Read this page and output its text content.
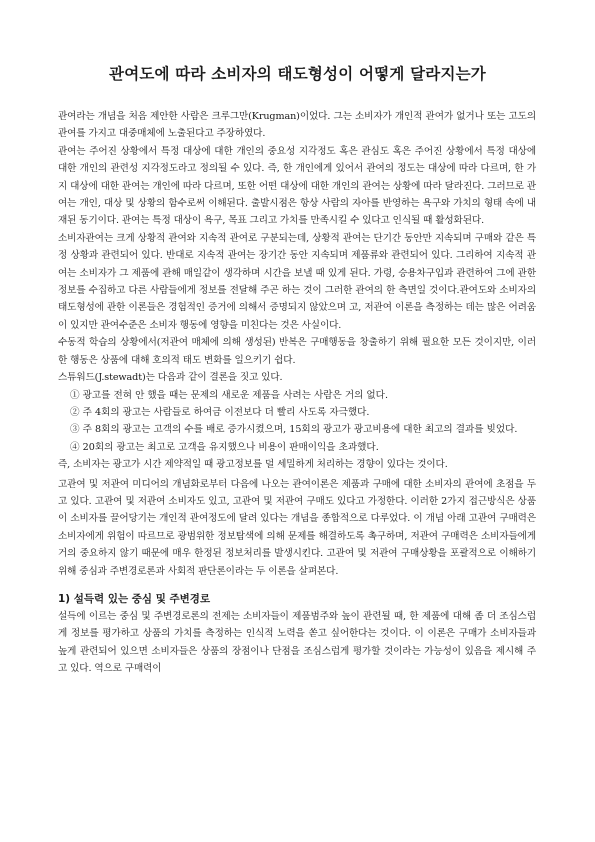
관여도에 따라 소비자의 태도형성이 어떻게 달라지는가

관여라는 개념을 처음 제안한 사람은 크루그만(Krugman)이었다. 그는 소비자가 개인적 관여가 없거나 또는 고도의 관여를 가지고 대중매체에 노출된다고 주장하였다.

관여는 주어진 상황에서 특정 대상에 대한 개인의 중요성 지각정도 혹은 관심도 혹은 주어진 상황에서 특정 대상에 대한 개인의 관련성 지각정도라고 정의될 수 있다. 즉, 한 개인에게 있어서 관여의 정도는 대상에 따라 다르며, 한 가지 대상에 대한 관여는 개인에 따라 다르며, 또한 어떤 대상에 대한 개인의 관여는 상황에 따라 달라진다. 그러므로 관여는 개인, 대상 및 상황의 함수로써 이해된다. 출발시점은 항상 사람의 자아를 반영하는 욕구와 가치의 형태 속에 내재된 동기이다. 관여는 특정 대상이 욕구, 목표 그리고 가치를 만족시킬 수 있다고 인식될 때 활성화된다.

소비자관여는 크게 상황적 관여와 지속적 관여로 구분되는데, 상황적 관여는 단기간 동안만 지속되며 구매와 같은 특정 상황과 관련되어 있다. 반대로 지속적 관여는 장기간 동안 지속되며 제품류와 관련되어 있다. 그리하여 지속적 관여는 소비자가 그 제품에 관해 매일같이 생각하며 시간을 보낼 때 있게 된다. 가령, 승용차구입과 관련하여 그에 관한 정보를 수집하고 다른 사람들에게 정보를 전달해 주곤 하는 것이 그러한 관여의 한 측면일 것이다.관여도와 소비자의 태도형성에 관한 이론들은 경험적인 증거에 의해서 증명되지 않았으며 고, 저관여 이론을 측정하는 데는 많은 어려움이 있지만 관여수준은 소비자 행동에 영향을 미친다는 것은 사실이다.

수동적 학습의 상황에서(저관여 매체에 의해 생성된) 반복은 구매행동을 창출하기 위해 필요한 모든 것이지만, 이러한 행동은 상품에 대해 호의적 태도 변화를 일으키기 쉽다.

스튜워드(J.stewadt)는 다음과 같이 결론을 짓고 있다.

① 광고를 전혀 안 했을 때는 문제의 새로운 제품을 사려는 사람은 거의 없다.

② 주 4회의 광고는 사람들로 하여금 이전보다 더 빨리 사도록 자극했다.

③ 주 8회의 광고는 고객의 수를 배로 증가시켰으며, 15회의 광고가 광고비용에 대한 최고의 결과를 빚었다.

④ 20회의 광고는 최고로 고객을 유지했으나 비용이 판매이익을 초과했다.

즉, 소비자는 광고가 시간 제약적일 때 광고정보를 덜 세밀하게 처리하는 경향이 있다는 것이다.

고관여 및 저관여 미디어의 개념화로부터 다음에 나오는 관여이론은 제품과 구매에 대한 소비자의 관여에 초점을 두고 있다. 고관여 및 저관여 소비자도 있고, 고관여 및 저관여 구매도 있다고 가정한다. 이러한 2가지 접근방식은 상품이 소비자를 끌어당기는 개인적 관여정도에 달려 있다는 개념을 종합적으로 다루었다. 이 개념 아래 고관여 구매력은 소비자에게 위험이 따르므로 광범위한 정보탐색에 의해 문제를 해결하도록 촉구하며, 저관여 구매력은 소비자들에게 거의 중요하지 않기 때문에 매우 한정된 정보처리를 발생시킨다. 고관여 및 저관여 구매상황을 포괄적으로 이해하기 위해 중심과 주변경로론과 사회적 판단론이라는 두 이론을 살펴본다.

1) 설득력 있는 중심 및 주변경로

설득에 이르는 중심 및 주변경로론의 전제는 소비자들이 제품범주와 높이 관련될 때, 한 제품에 대해 좀 더 조심스럽게 정보를 평가하고 상품의 가치를 측정하는 인식적 노력을 쏟고 싶어한다는 것이다. 이 이론은 구매가 소비자들과 높게 관련되어 있으면 소비자들은 상품의 장점이나 단점을 조심스럽게 평가할 것이라는 가능성이 있음을 제시해 주고 있다. 역으로 구매력이
